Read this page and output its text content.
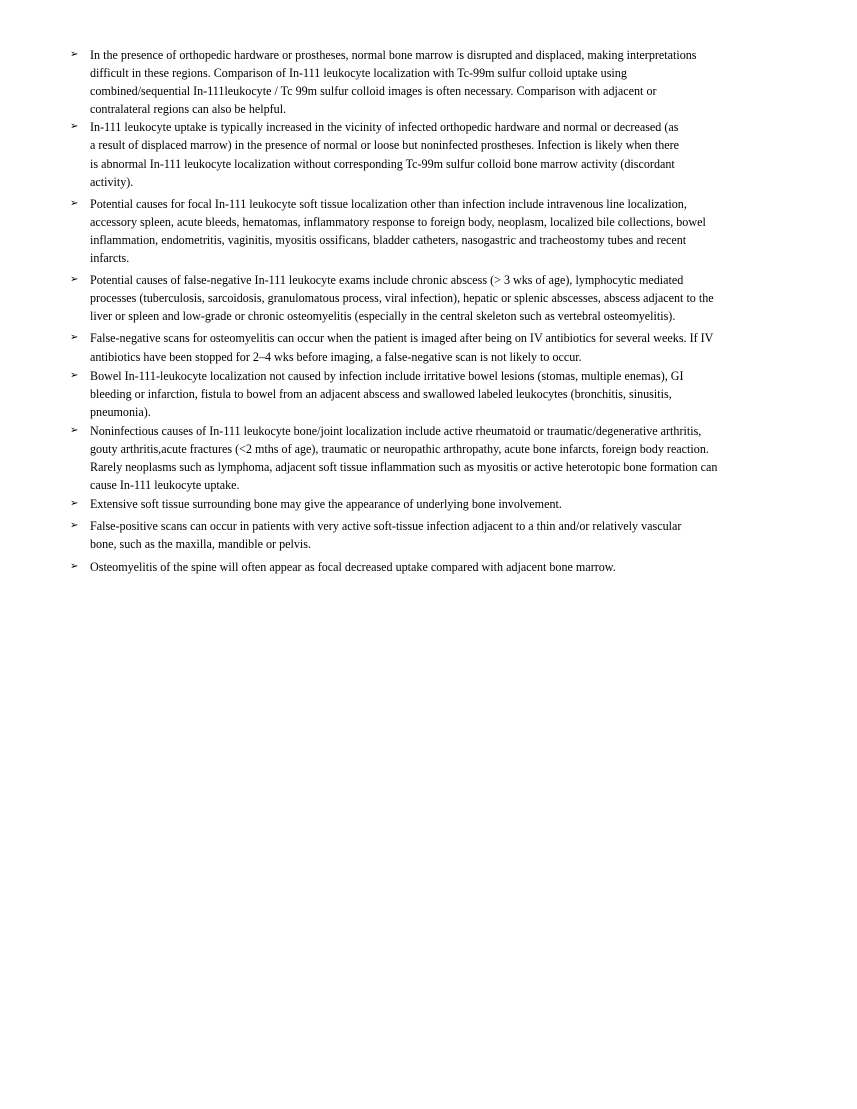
➢ In the presence of orthopedic hardware or prostheses, normal bone marrow is disrupted and displaced, making interpretations
difficult in these regions. Comparison of In-111 leukocyte localization with Tc-99m sulfur colloid uptake using
combined/sequential In-111leukocyte / Tc 99m sulfur colloid images is often necessary. Comparison with adjacent or
contralateral regions can also be helpful.
➢ In-111 leukocyte uptake is typically increased in the vicinity of infected orthopedic hardware and normal or decreased (as
a result of displaced marrow) in the presence of normal or loose but noninfected prostheses. Infection is likely when there
is abnormal In-111 leukocyte localization without corresponding Tc-99m sulfur colloid bone marrow activity (discordant
activity).
➢ Potential causes for focal In-111 leukocyte soft tissue localization other than infection include intravenous line localization,
accessory spleen, acute bleeds, hematomas, inflammatory response to foreign body, neoplasm, localized bile collections, bowel
inflammation, endometritis, vaginitis, myositis ossificans, bladder catheters, nasogastric and tracheostomy tubes and recent
infarcts.
➢ Potential causes of false-negative In-111 leukocyte exams include chronic abscess (> 3 wks of age), lymphocytic mediated
processes (tuberculosis, sarcoidosis, granulomatous process, viral infection), hepatic or splenic abscesses, abscess adjacent to the
liver or spleen and low-grade or chronic osteomyelitis (especially in the central skeleton such as vertebral osteomyelitis).
➢ False-negative scans for osteomyelitis can occur when the patient is imaged after being on IV antibiotics for several weeks. If IV
antibiotics have been stopped for 2–4 wks before imaging, a false-negative scan is not likely to occur.
➢ Bowel In-111-leukocyte localization not caused by infection include irritative bowel lesions (stomas, multiple enemas), GI
bleeding or infarction, fistula to bowel from an adjacent abscess and swallowed labeled leukocytes (bronchitis, sinusitis,
pneumonia).
➢ Noninfectious causes of In-111 leukocyte bone/joint localization include active rheumatoid or traumatic/degenerative arthritis,
gouty arthritis,acute fractures (<2 mths of age), traumatic or neuropathic arthropathy, acute bone infarcts, foreign body reaction.
Rarely neoplasms such as lymphoma, adjacent soft tissue inflammation such as myositis or active heterotopic bone formation can
cause In-111 leukocyte uptake.
➢ Extensive soft tissue surrounding bone may give the appearance of underlying bone involvement.
➢ False-positive scans can occur in patients with very active soft-tissue infection adjacent to a thin and/or relatively vascular
bone, such as the maxilla, mandible or pelvis.
➢ Osteomyelitis of the spine will often appear as focal decreased uptake compared with adjacent bone marrow.
